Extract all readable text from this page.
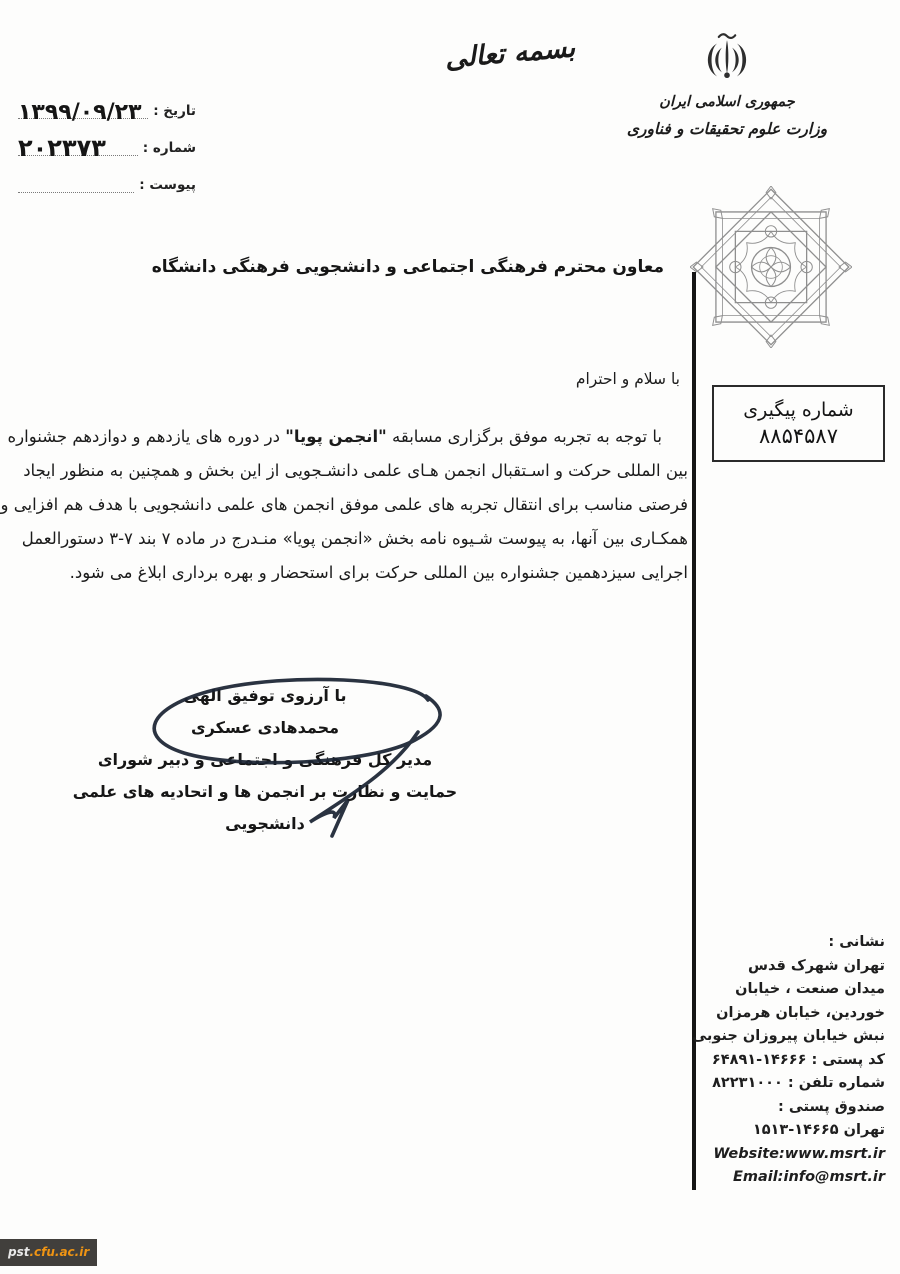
تاریخ :
۱۳۹۹/۰۹/۲۳
شماره :
۲۰۲۳۷۳
پیوست :
بسمه تعالی
جمهوری اسلامی ایران
وزارت علوم تحقیقات و فناوری
معاون محترم فرهنگی اجتماعی و دانشجویی فرهنگی دانشگاه
با سلام و احترام
شماره پیگیری
۸۸۵۴۵۸۷
با توجه به تجربه موفق برگزاری مسابقه "انجمن پویا" در دوره های یازدهم و دوازدهم جشنواره
بین المللی حرکت و اسـتقبال انجمن هـای علمی دانشـجویی از این بخش و همچنین به منظور ایجاد
فرصتی مناسب برای انتقال تجربه های علمی موفق انجمن های علمی دانشجویی با هدف هم افزایی و
همکـاری بین آنها، به پیوست شـیوه نامه بخش «انجمن پویا» منـدرج در ماده ۷ بند ۷-۳ دستورالعمل
اجرایی سیزدهمین جشنواره بین المللی حرکت برای استحضار و بهره برداری ابلاغ می شود.
با آرزوی توفیق الهی
محمدهادی عسکری
مدیر کل فرهنگی و اجتماعی و دبیر شورای
حمایت و نظارت بر انجمن ها و اتحادیه های علمی
دانشجویی
نشانی :
تهران شهرک قدس
میدان صنعت ، خیابان
خوردین، خیابان هرمزان
نبش خیابان پیروزان جنوبی
کد پستی : ۱۴۶۶۶-۶۴۸۹۱
شماره تلفن : ۸۲۲۳۱۰۰۰
صندوق پستی :
تهران ۱۴۶۶۵-۱۵۱۳
Website:www.msrt.ir
Email:info@msrt.ir
pst.cfu.ac.ir
